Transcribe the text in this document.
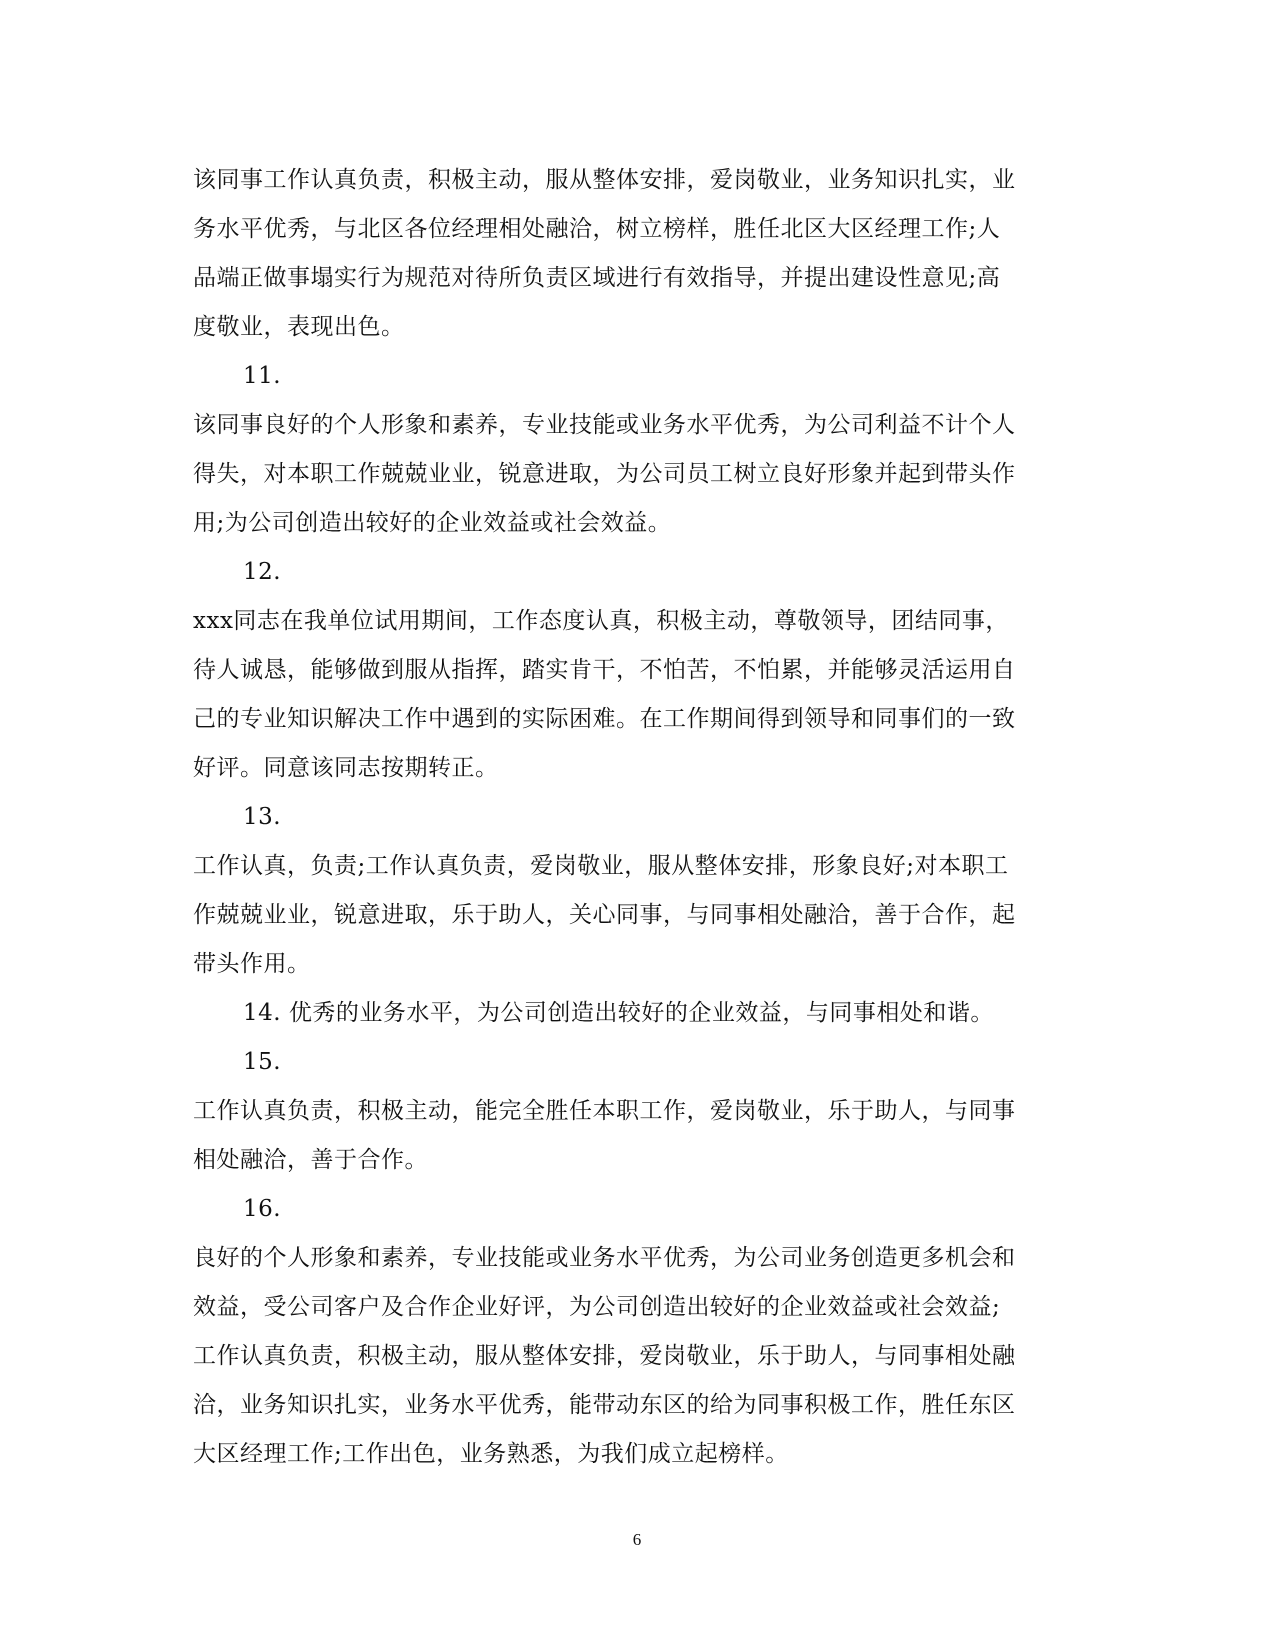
该同事工作认真负责，积极主动，服从整体安排，爱岗敬业，业务知识扎实，业
务水平优秀，与北区各位经理相处融洽，树立榜样，胜任北区大区经理工作;人
品端正做事塌实行为规范对待所负责区域进行有效指导，并提出建设性意见;高
度敬业，表现出色。
11.
该同事良好的个人形象和素养，专业技能或业务水平优秀，为公司利益不计个人
得失，对本职工作兢兢业业，锐意进取，为公司员工树立良好形象并起到带头作
用;为公司创造出较好的企业效益或社会效益。
12.
xxx同志在我单位试用期间，工作态度认真，积极主动，尊敬领导，团结同事，
待人诚恳，能够做到服从指挥，踏实肯干，不怕苦，不怕累，并能够灵活运用自
己的专业知识解决工作中遇到的实际困难。在工作期间得到领导和同事们的一致
好评。同意该同志按期转正。
13.
工作认真，负责;工作认真负责，爱岗敬业，服从整体安排，形象良好;对本职工
作兢兢业业，锐意进取，乐于助人，关心同事，与同事相处融洽，善于合作，起
带头作用。
14. 优秀的业务水平，为公司创造出较好的企业效益，与同事相处和谐。
15.
工作认真负责，积极主动，能完全胜任本职工作，爱岗敬业，乐于助人，与同事
相处融洽，善于合作。
16.
良好的个人形象和素养，专业技能或业务水平优秀，为公司业务创造更多机会和
效益，受公司客户及合作企业好评，为公司创造出较好的企业效益或社会效益;
工作认真负责，积极主动，服从整体安排，爱岗敬业，乐于助人，与同事相处融
洽，业务知识扎实，业务水平优秀，能带动东区的给为同事积极工作，胜任东区
大区经理工作;工作出色，业务熟悉，为我们成立起榜样。
6
